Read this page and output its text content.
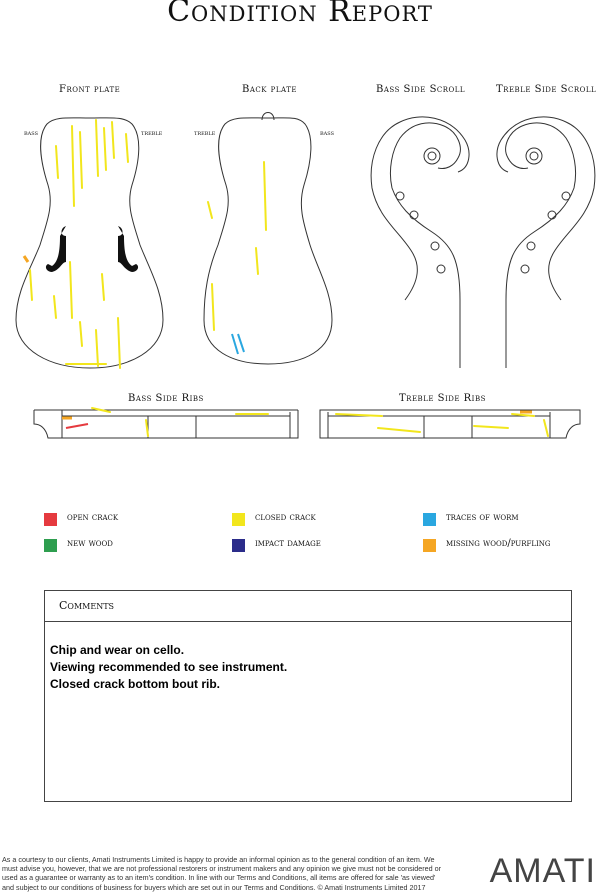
Condition Report
Front plate	Back plate	Bass Side Scroll	Treble Side Scroll
Bass Side Ribs	Treble Side Ribs
bass	treble	treble	bass
open crack	closed crack	traces of worm
new wood	impact damage	missing wood/purfling
Comments
Chip and wear on cello.
Viewing recommended to see instrument.
Closed crack bottom bout rib.
As a courtesy to our clients, Amati Instruments Limited is happy to provide an informal opinion as to the general condition of an item. We must advise you, however, that we are not professional restorers or instrument makers and any opinion we give must not be considered or used as a guarantee or warranty as to an item's condition. In line with our Terms and Conditions, all items are offered for sale 'as viewed' and subject to our conditions of business for buyers which are set out in our Terms and Conditions. © Amati Instruments Limited 2017	AMATI
